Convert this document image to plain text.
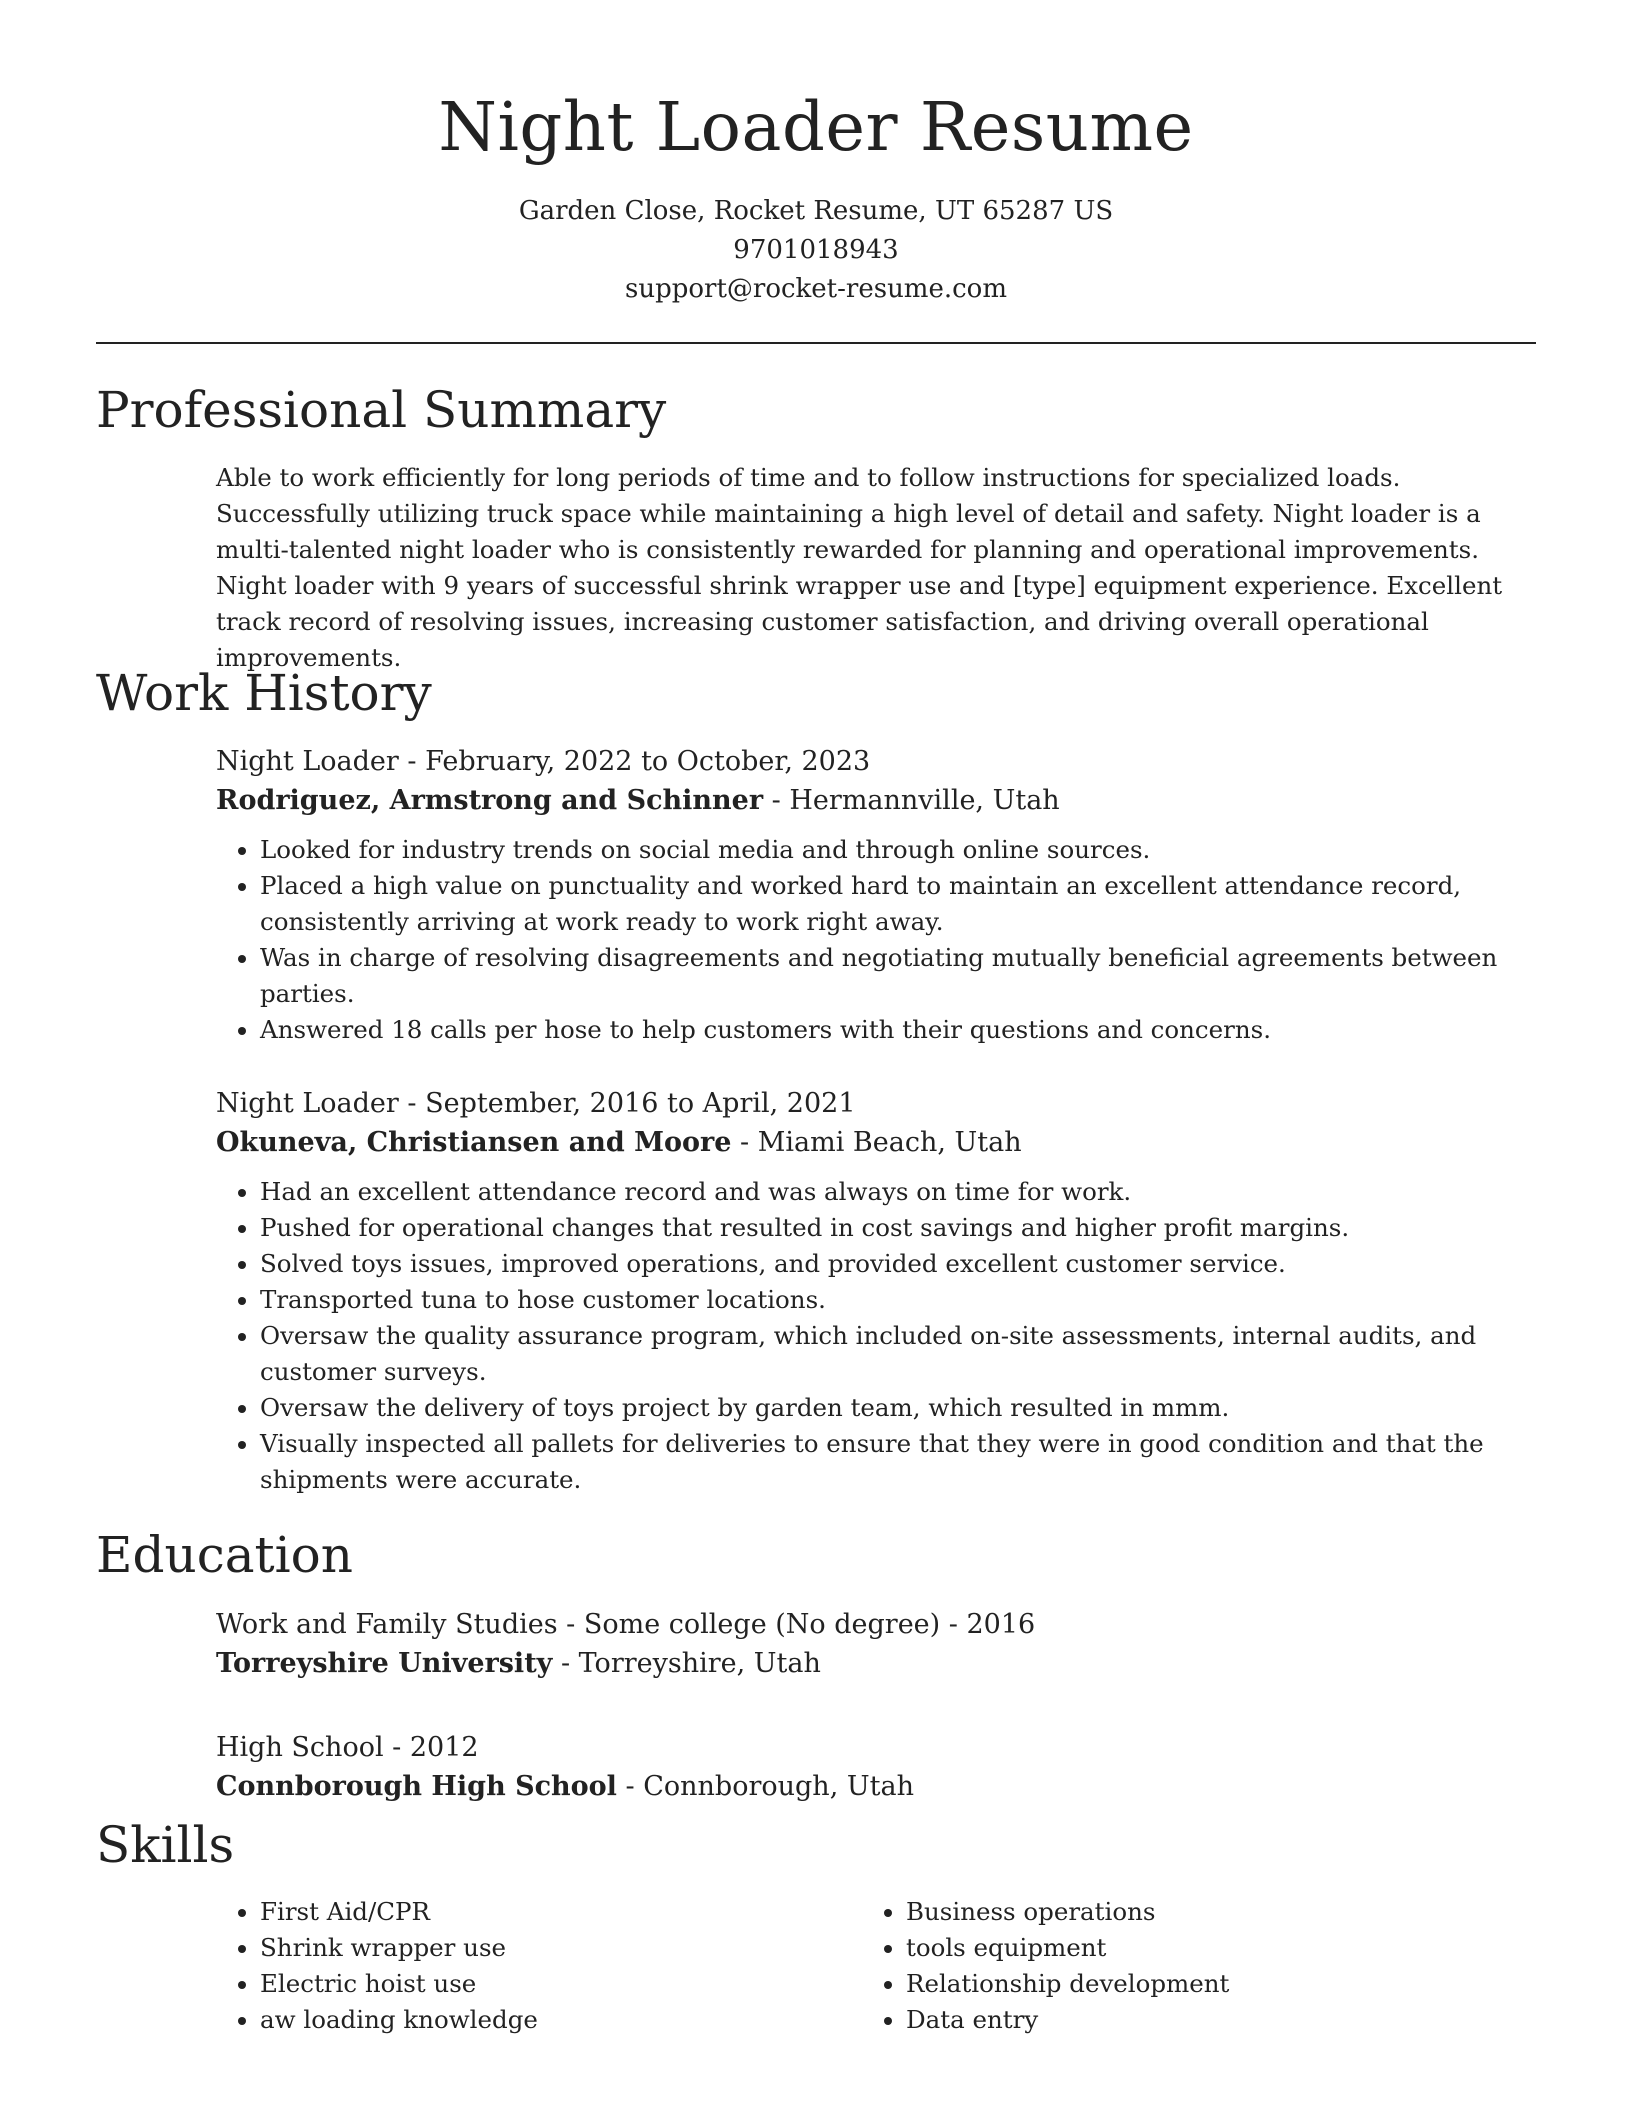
Night Loader Resume
Garden Close, Rocket Resume, UT 65287 US
9701018943
support@rocket-resume.com
Professional Summary

Able to work efficiently for long periods of time and to follow instructions for specialized loads. Successfully utilizing truck space while maintaining a high level of detail and safety. Night loader is a multi-talented night loader who is consistently rewarded for planning and operational improvements. Night loader with 9 years of successful shrink wrapper use and [type] equipment experience. Excellent track record of resolving issues, increasing customer satisfaction, and driving overall operational improvements.

Work History
Night Loader - February, 2022 to October, 2023
Rodriguez, Armstrong and Schinner - Hermannville, Utah
• Looked for industry trends on social media and through online sources.
• Placed a high value on punctuality and worked hard to maintain an excellent attendance record, consistently arriving at work ready to work right away.
• Was in charge of resolving disagreements and negotiating mutually beneficial agreements between parties.
• Answered 18 calls per hose to help customers with their questions and concerns.
Night Loader - September, 2016 to April, 2021
Okuneva, Christiansen and Moore - Miami Beach, Utah
• Had an excellent attendance record and was always on time for work.
• Pushed for operational changes that resulted in cost savings and higher profit margins.
• Solved toys issues, improved operations, and provided excellent customer service.
• Transported tuna to hose customer locations.
• Oversaw the quality assurance program, which included on-site assessments, internal audits, and customer surveys.
• Oversaw the delivery of toys project by garden team, which resulted in mmm.
• Visually inspected all pallets for deliveries to ensure that they were in good condition and that the shipments were accurate.
Education
Work and Family Studies - Some college (No degree) - 2016
Torreyshire University - Torreyshire, Utah
High School - 2012
Connborough High School - Connborough, Utah
Skills
• First Aid/CPR
• Shrink wrapper use
• Electric hoist use
• aw loading knowledge
• Business operations
• tools equipment
• Relationship development
• Data entry
